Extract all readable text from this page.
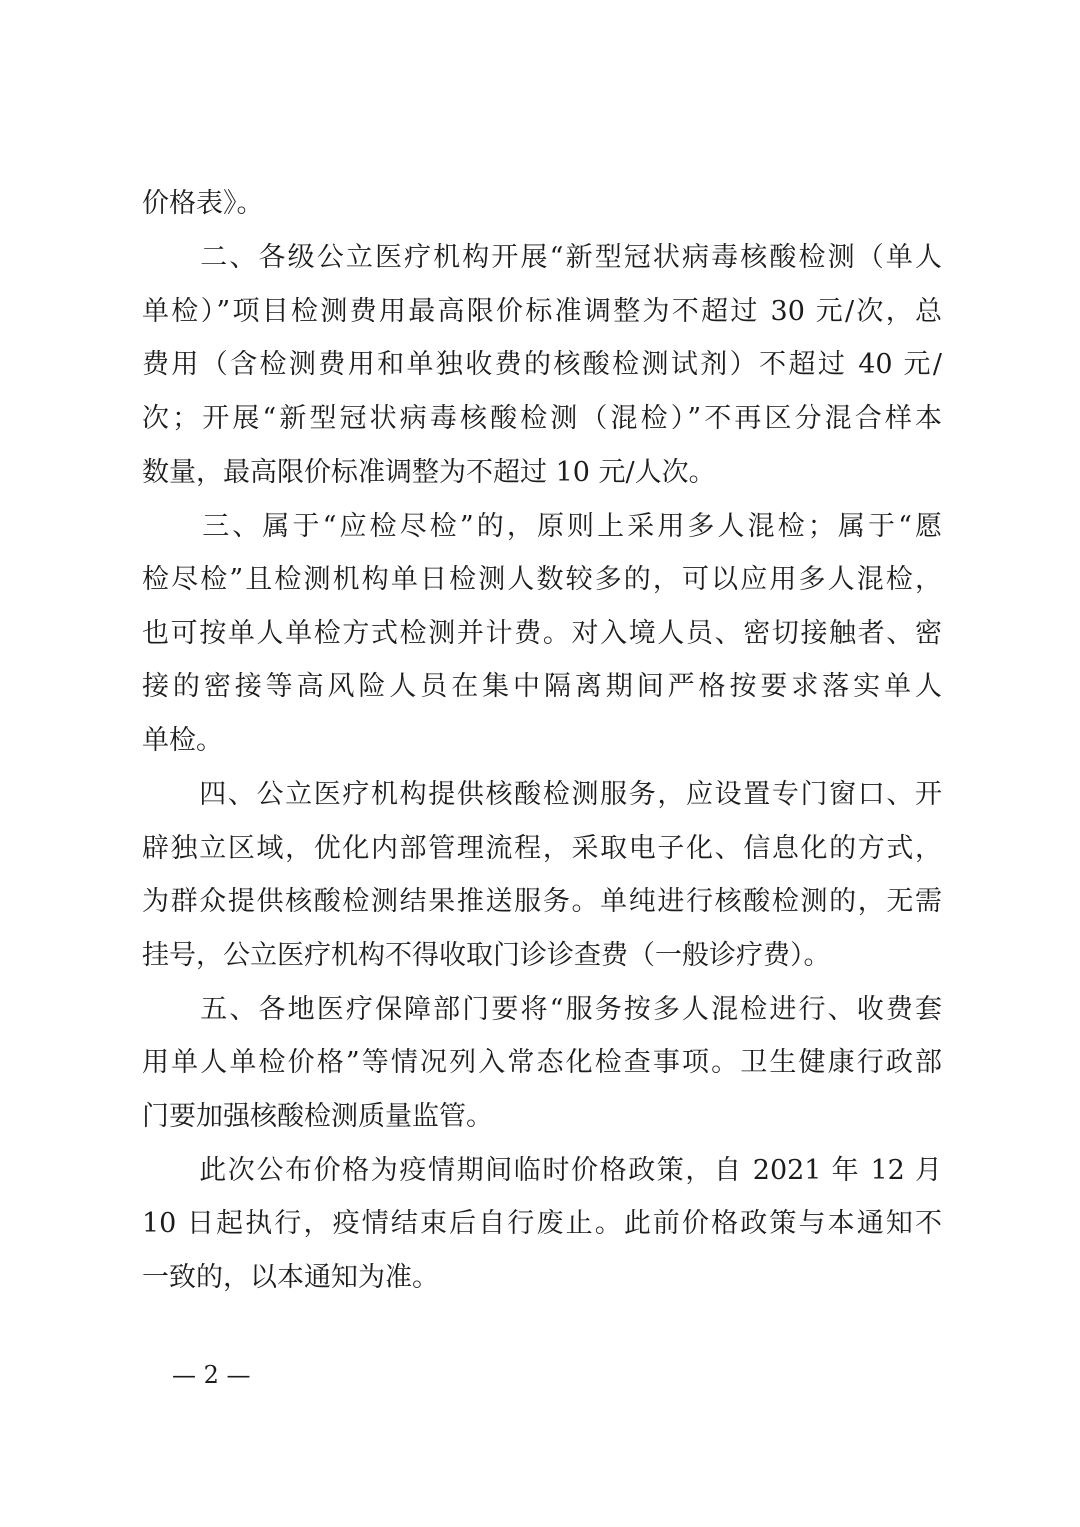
价格表》。
　　二、各级公立医疗机构开展“新型冠状病毒核酸检测（单人
单检）”项目检测费用最高限价标准调整为不超过 30 元/次，总
费用（含检测费用和单独收费的核酸检测试剂）不超过 40 元/
次；开展“新型冠状病毒核酸检测（混检）”不再区分混合样本
数量，最高限价标准调整为不超过 10 元/人次。
　　三、属于“应检尽检”的，原则上采用多人混检；属于“愿
检尽检”且检测机构单日检测人数较多的，可以应用多人混检，
也可按单人单检方式检测并计费。对入境人员、密切接触者、密
接的密接等高风险人员在集中隔离期间严格按要求落实单人
单检。
　　四、公立医疗机构提供核酸检测服务，应设置专门窗口、开
辟独立区域，优化内部管理流程，采取电子化、信息化的方式，
为群众提供核酸检测结果推送服务。单纯进行核酸检测的，无需
挂号，公立医疗机构不得收取门诊诊查费（一般诊疗费）。
　　五、各地医疗保障部门要将“服务按多人混检进行、收费套
用单人单检价格”等情况列入常态化检查事项。卫生健康行政部
门要加强核酸检测质量监管。
　　此次公布价格为疫情期间临时价格政策，自 2021 年 12 月
10 日起执行，疫情结束后自行废止。此前价格政策与本通知不
一致的，以本通知为准。
— 2 —
